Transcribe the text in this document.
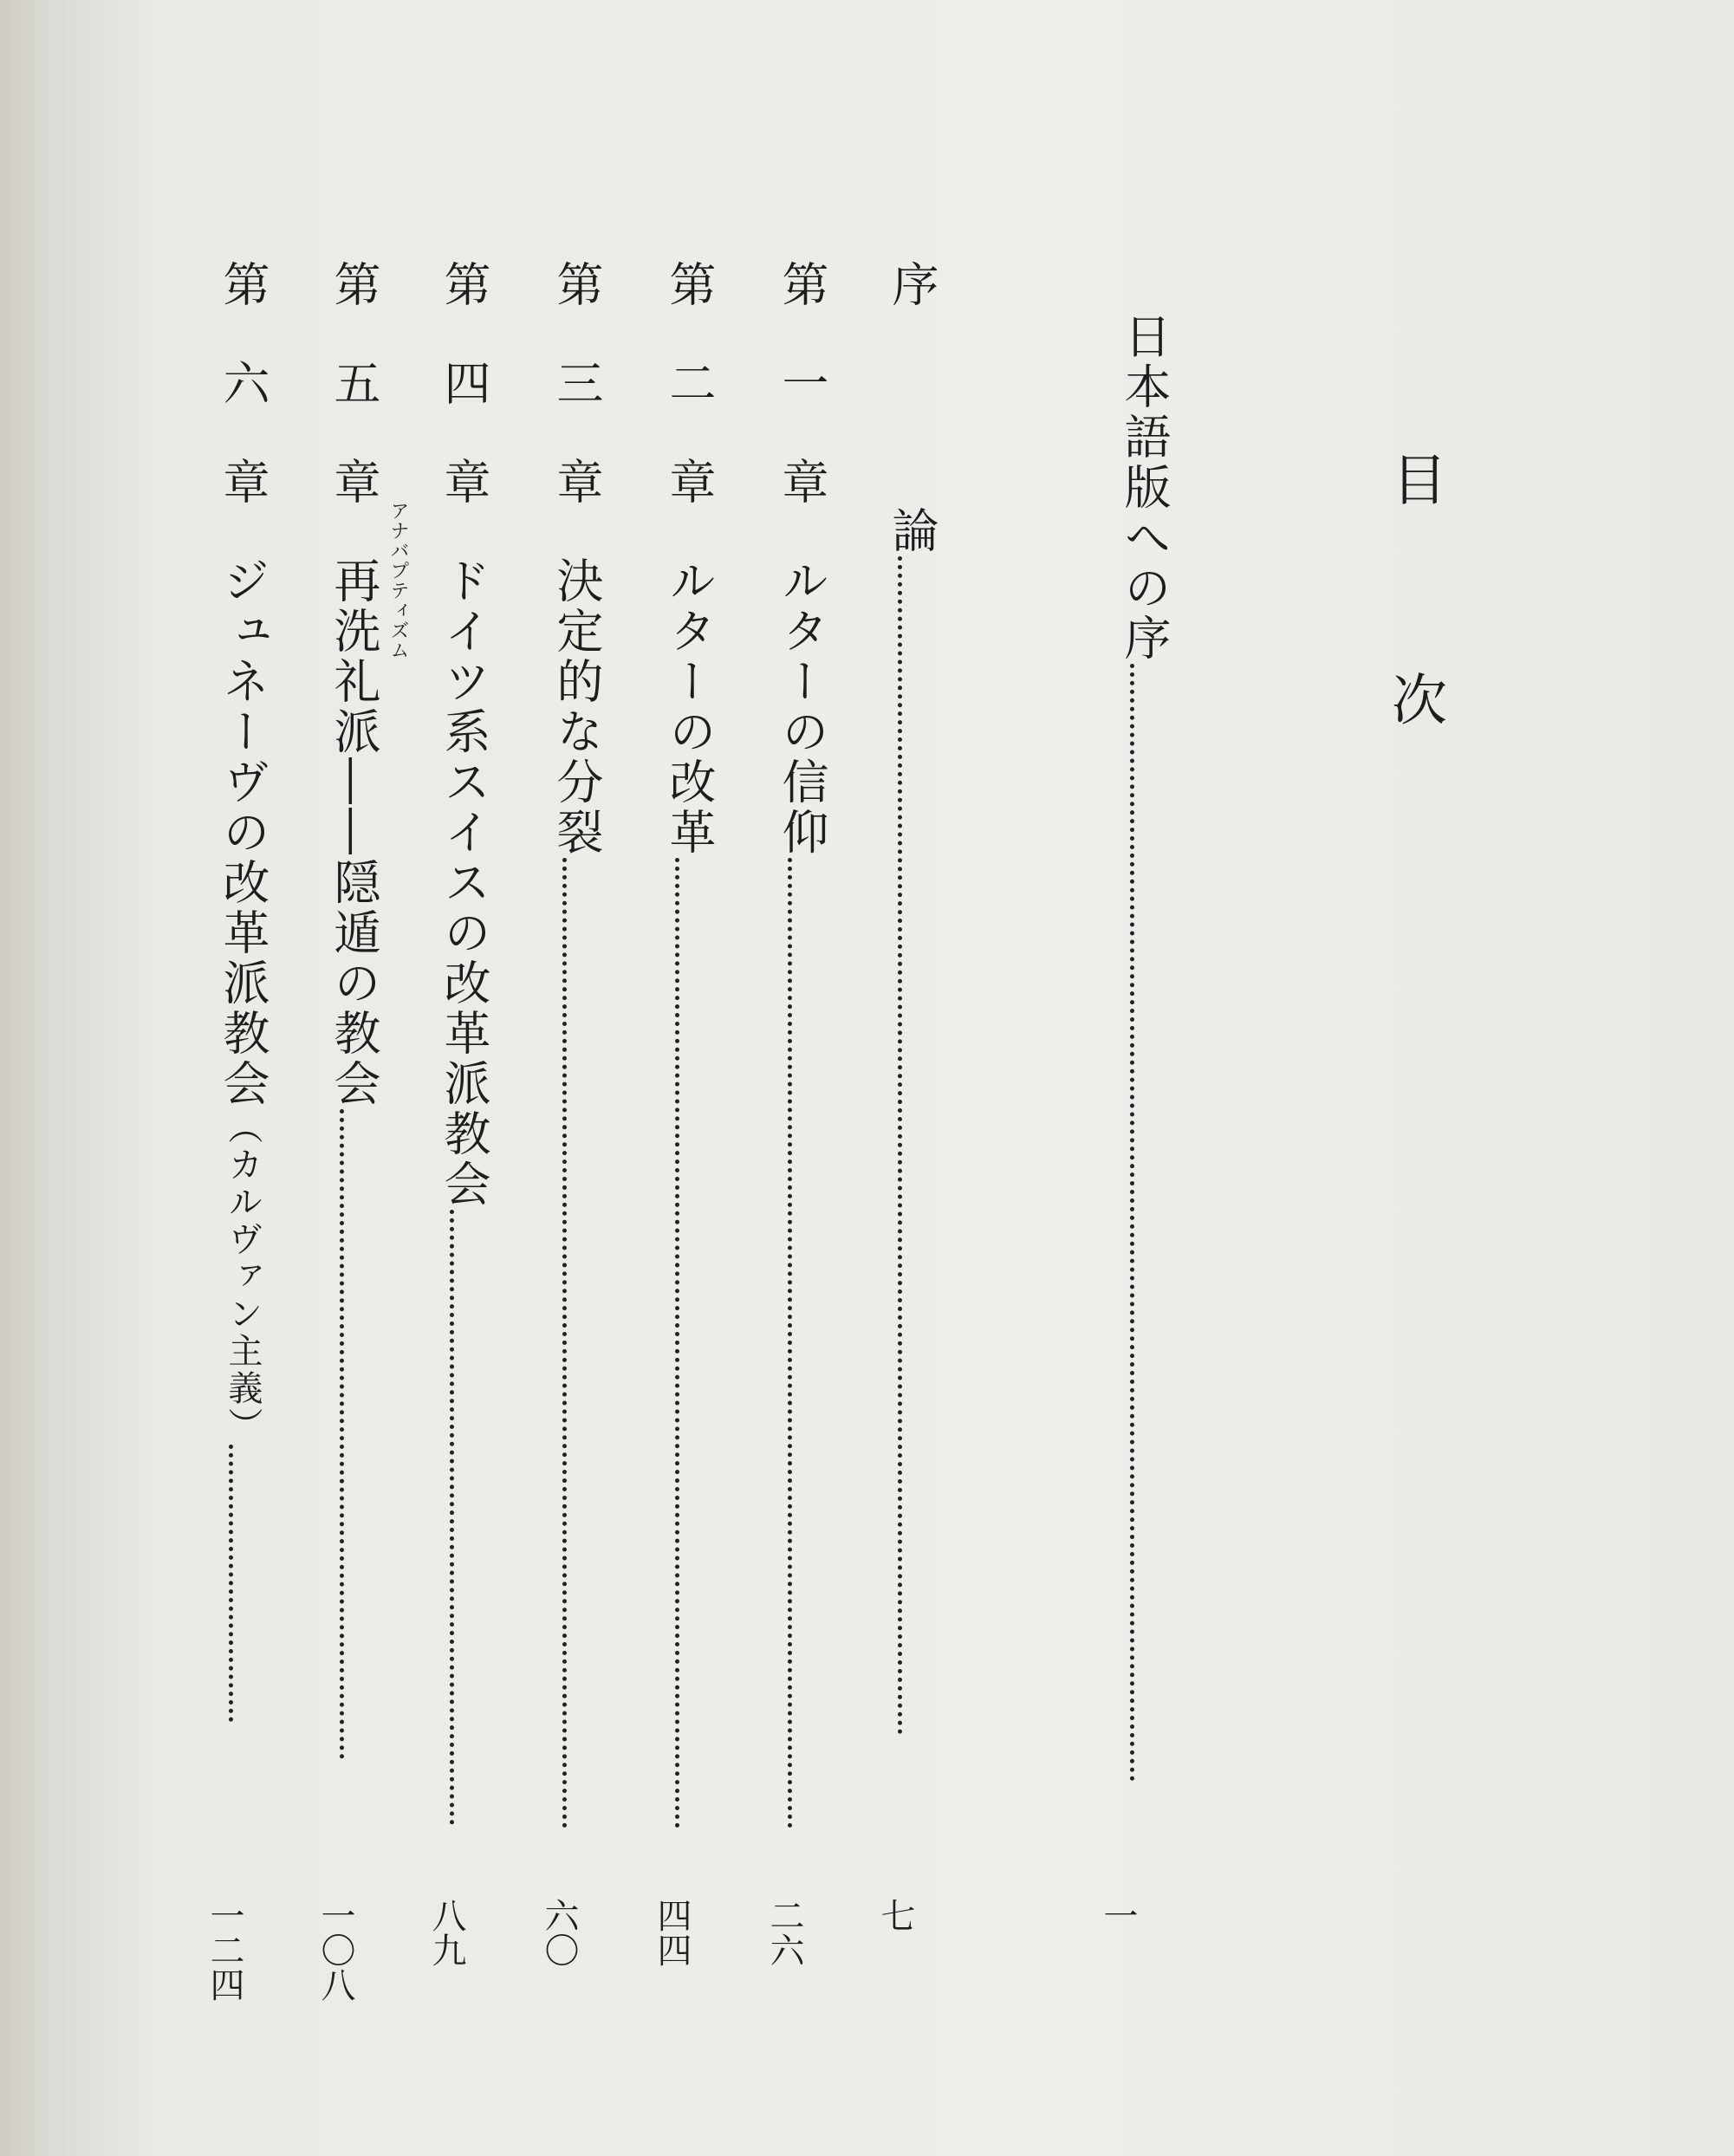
目次
日本語版への序
一
序論
七
第一章ルターの信仰
二六
第二章ルターの改革
四四
第三章決定的な分裂
六〇
第四章ドイツ系スイスの改革派教会
八九
アナバプティズム
第五章再洗礼派――隠遁の教会
一〇八
第六章ジュネーヴの改革派教会（カルヴァン主義）
一二四
